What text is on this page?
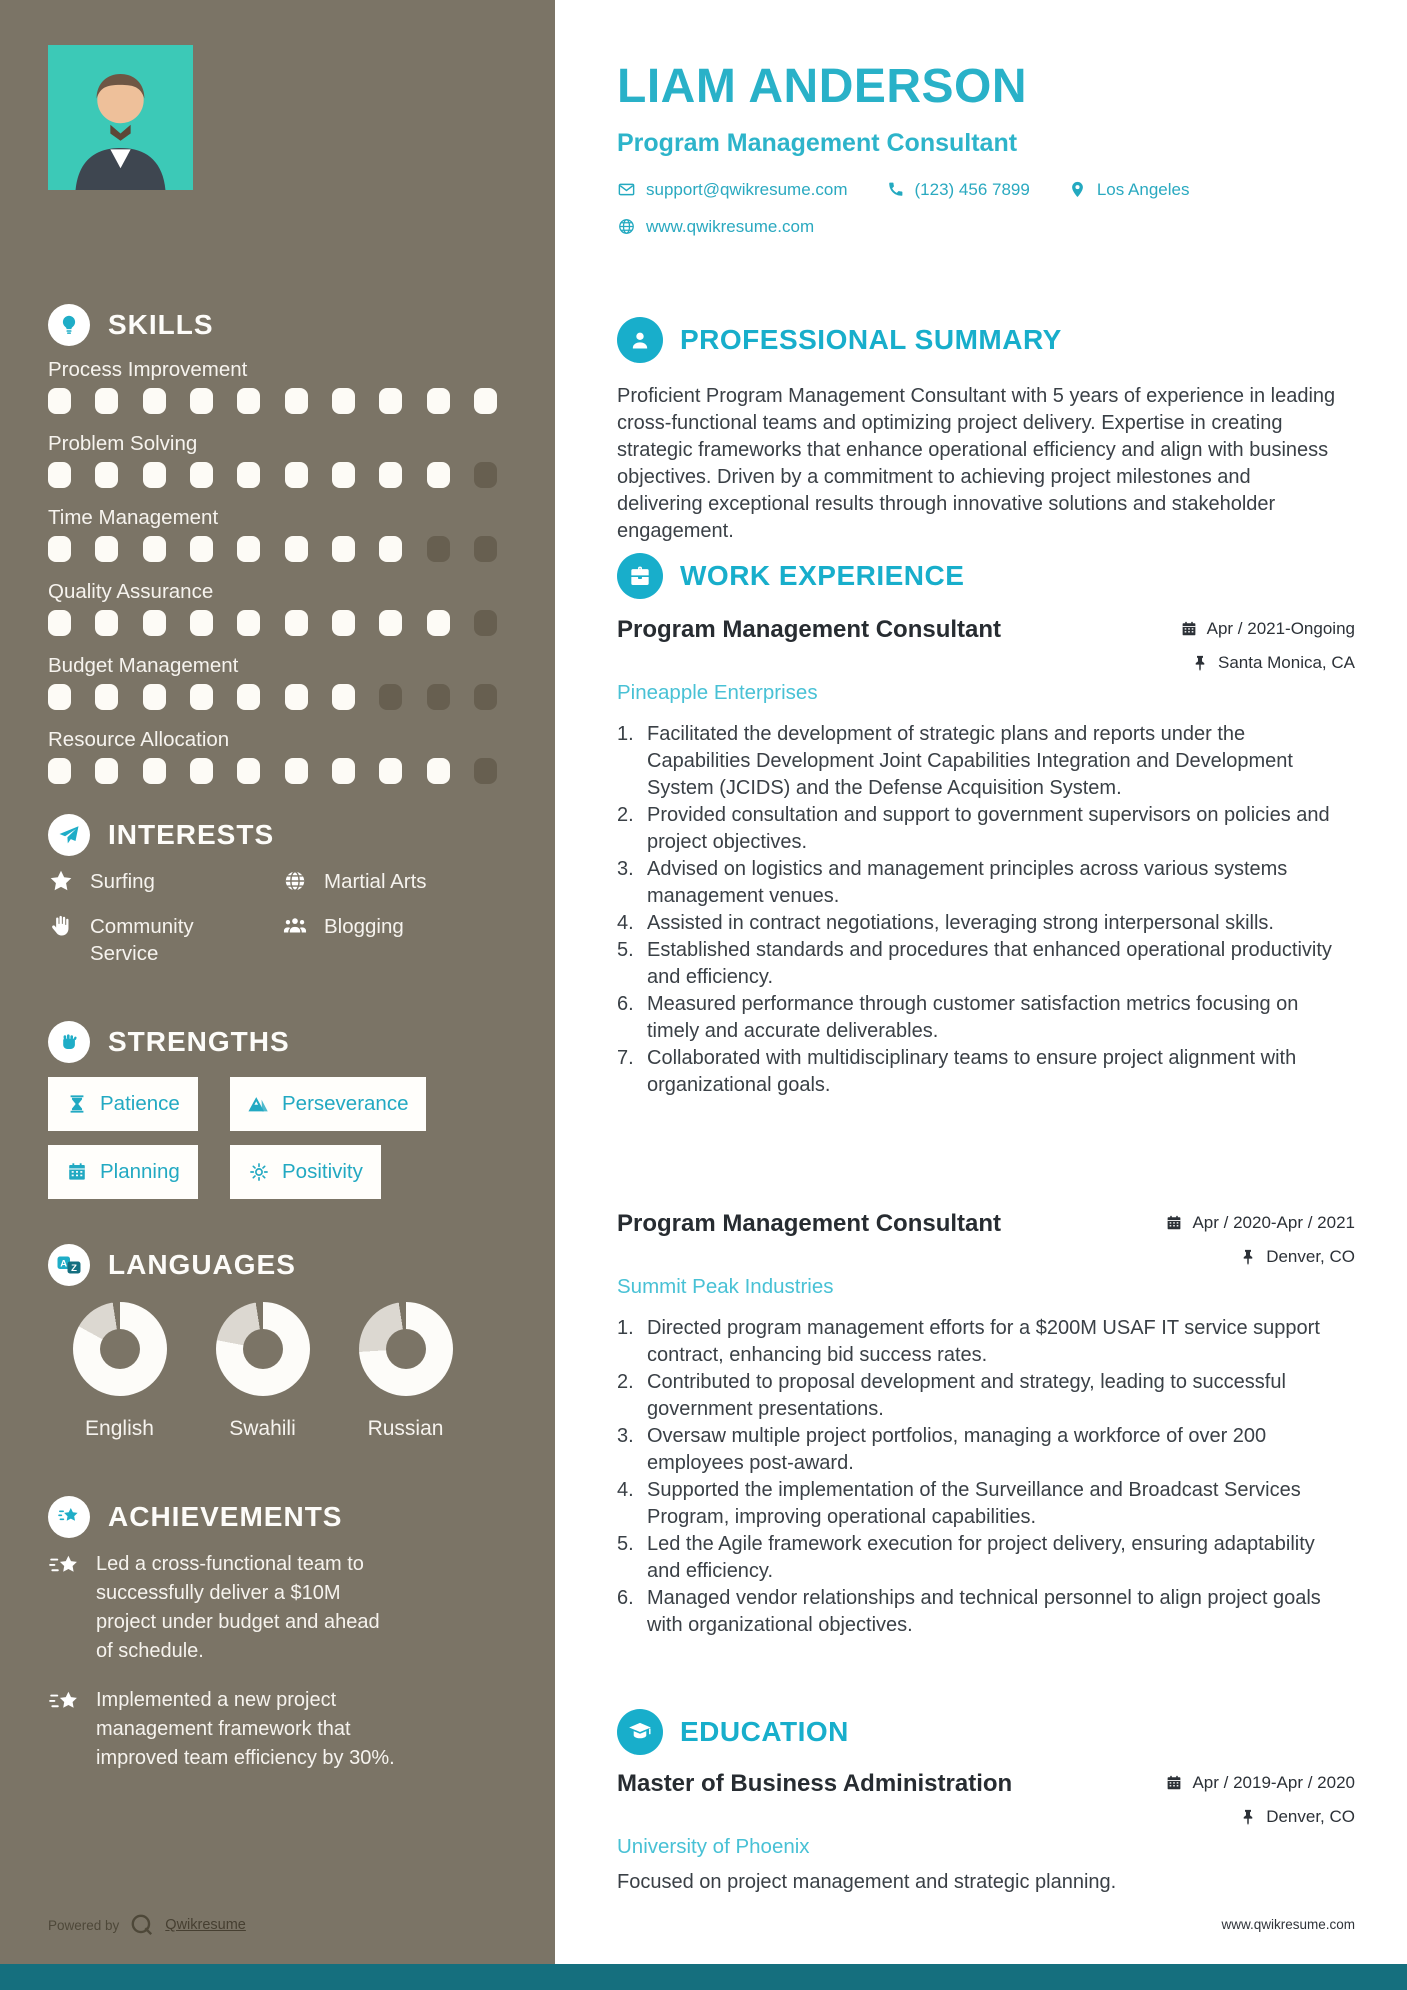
SKILLS
Process Improvement
Problem Solving
Time Management
Quality Assurance
Budget Management
Resource Allocation
INTERESTS
Surfing	Martial Arts
Community Service
Blogging
STRENGTHS
Patience	Perseverance
Planning	Positivity
A Z LANGUAGES
English	Swahili	Russian
ACHIEVEMENTS
Led a cross-functional team to successfully deliver a $10M project under budget and ahead of schedule.
Implemented a new project management framework that improved team efficiency by 30%.
Powered by	Qwikresume
LIAM ANDERSON
Program Management Consultant
support@qwikresume.com	(123) 456 7899	Los Angeles
www.qwikresume.com
PROFESSIONAL SUMMARY

Proficient Program Management Consultant with 5 years of experience in leading cross-functional teams and optimizing project delivery. Expertise in creating strategic frameworks that enhance operational efficiency and align with business objectives. Driven by a commitment to achieving project milestones and delivering exceptional results through innovative solutions and stakeholder engagement.

WORK EXPERIENCE
Program Management Consultant	Apr / 2021-Ongoing
Santa Monica, CA
Pineapple Enterprises
Facilitated the development of strategic plans and reports under the Capabilities Development Joint Capabilities Integration and Development System (JCIDS) and the Defense Acquisition System.
Provided consultation and support to government supervisors on policies and project objectives.
Advised on logistics and management principles across various systems management venues.
Assisted in contract negotiations, leveraging strong interpersonal skills.
Established standards and procedures that enhanced operational productivity and efficiency.
Measured performance through customer satisfaction metrics focusing on timely and accurate deliverables.
Collaborated with multidisciplinary teams to ensure project alignment with organizational goals.
Program Management Consultant	Apr / 2020-Apr / 2021
Denver, CO
Summit Peak Industries
Directed program management efforts for a $200M USAF IT service support contract, enhancing bid success rates.
Contributed to proposal development and strategy, leading to successful government presentations.
Oversaw multiple project portfolios, managing a workforce of over 200 employees post-award.
Supported the implementation of the Surveillance and Broadcast Services Program, improving operational capabilities.
Led the Agile framework execution for project delivery, ensuring adaptability and efficiency.
Managed vendor relationships and technical personnel to align project goals with organizational objectives.
EDUCATION
Master of Business Administration	Apr / 2019-Apr / 2020
Denver, CO
University of Phoenix

Focused on project management and strategic planning.

www.qwikresume.com
